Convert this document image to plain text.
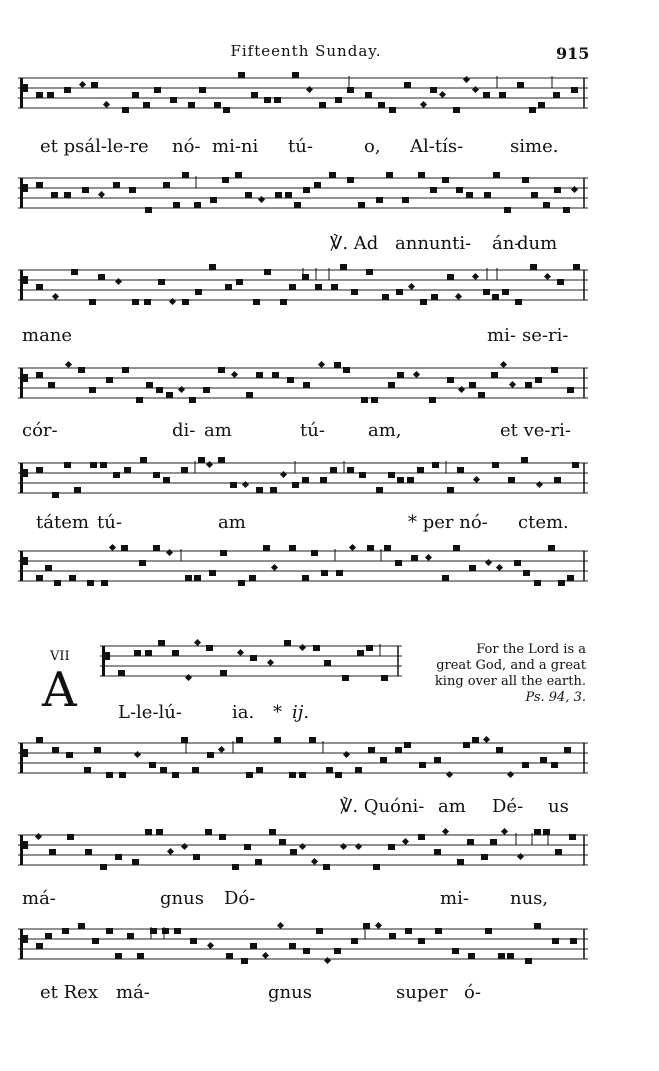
Fifteenth Sunday.	915
et psál-le-re nó- mi-ni tú-	o, Al-tís-	sime.
℣. Ad annunti- án-
dum
mane	mi- se-ri-
cór-	di- am	tú- am,	et ve-ri-
tátem tú-	am	* per nó- ctem.
VII
A L-le-lú-	ia. * ij.
For the Lord is a
great God, and a great
king over all the earth.
Ps. 94, 3.
℣. Quóni- am Dé- us
má-	gnus Dó-	mi- nus,
et Rex má-	gnus	super ó-
